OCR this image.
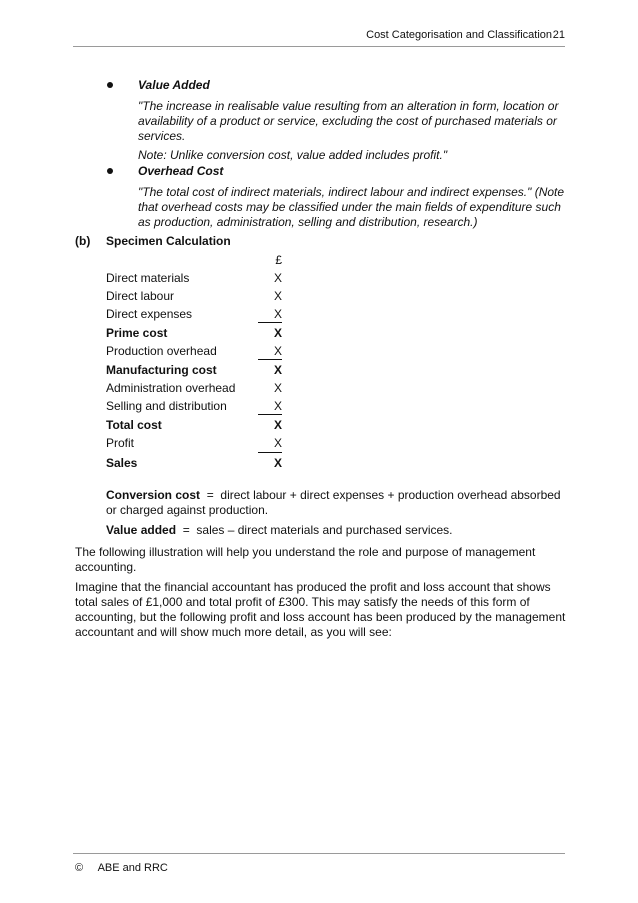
Cost Categorisation and Classification 21
Value Added
"The increase in realisable value resulting from an alteration in form, location or availability of a product or service, excluding the cost of purchased materials or services.
Note: Unlike conversion cost, value added includes profit."
Overhead Cost
"The total cost of indirect materials, indirect labour and indirect expenses." (Note that overhead costs may be classified under the main fields of expenditure such as production, administration, selling and distribution, research.)
(b) Specimen Calculation
£
Direct materials	X
Direct labour	X
Direct expenses	X
Prime cost	X
Production overhead	X
Manufacturing cost	X
Administration overhead	X
Selling and distribution	X
Total cost	X
Profit	X
Sales	X
Conversion cost = direct labour + direct expenses + production overhead absorbed or charged against production.
Value added = sales – direct materials and purchased services.
The following illustration will help you understand the role and purpose of management accounting.
Imagine that the financial accountant has produced the profit and loss account that shows total sales of £1,000 and total profit of £300. This may satisfy the needs of this form of accounting, but the following profit and loss account has been produced by the management accountant and will show much more detail, as you will see:
© ABE and RRC
